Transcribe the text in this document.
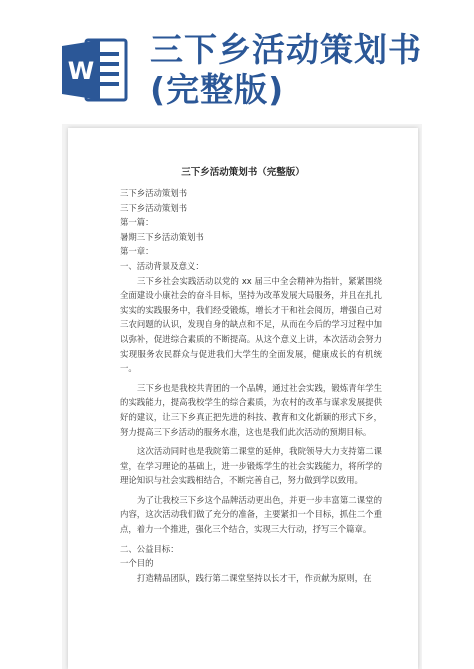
W
三下乡活动策划书
(完整版)
三下乡活动策划书（完整版）

三下乡活动策划书

三下乡活动策划书

第一篇：

暑期三下乡活动策划书

第一章：

一、活动背景及意义：

三下乡社会实践活动以党的 xx 届三中全会精神为指针，紧紧围绕全面建设小康社会的奋斗目标，坚持为改革发展大局服务，并且在扎扎实实的实践服务中，我们经受锻炼，增长才干和社会阅历，增强自己对三农问题的认识，发现自身的缺点和不足，从而在今后的学习过程中加以弥补，促进综合素质的不断提高。从这个意义上讲，本次活动会努力实现服务农民群众与促进我们大学生的全面发展，健康成长的有机统一。

三下乡也是我校共青团的一个品牌，通过社会实践，锻炼青年学生的实践能力，提高我校学生的综合素质，为农村的改革与谋求发展提供好的建议，让三下乡真正把先进的科技、教育和文化新颖的形式下乡，努力提高三下乡活动的服务水准，这也是我们此次活动的预期目标。

这次活动同时也是我院第二课堂的延伸，我院领导大力支持第二课堂，在学习理论的基础上，进一步锻炼学生的社会实践能力，将所学的理论知识与社会实践相结合，不断完善自己，努力做到学以致用。

为了让我校三下乡这个品牌活动更出色，并更一步丰富第二课堂的内容，这次活动我们做了充分的准备，主要紧扣一个目标，抓住二个重点，着力一个推进，强化三个结合，实现三大行动，抒写三个篇章。

二、公益目标：

一个目的

打造精品团队，践行第二课堂坚持以长才干，作贡献为原则，在
